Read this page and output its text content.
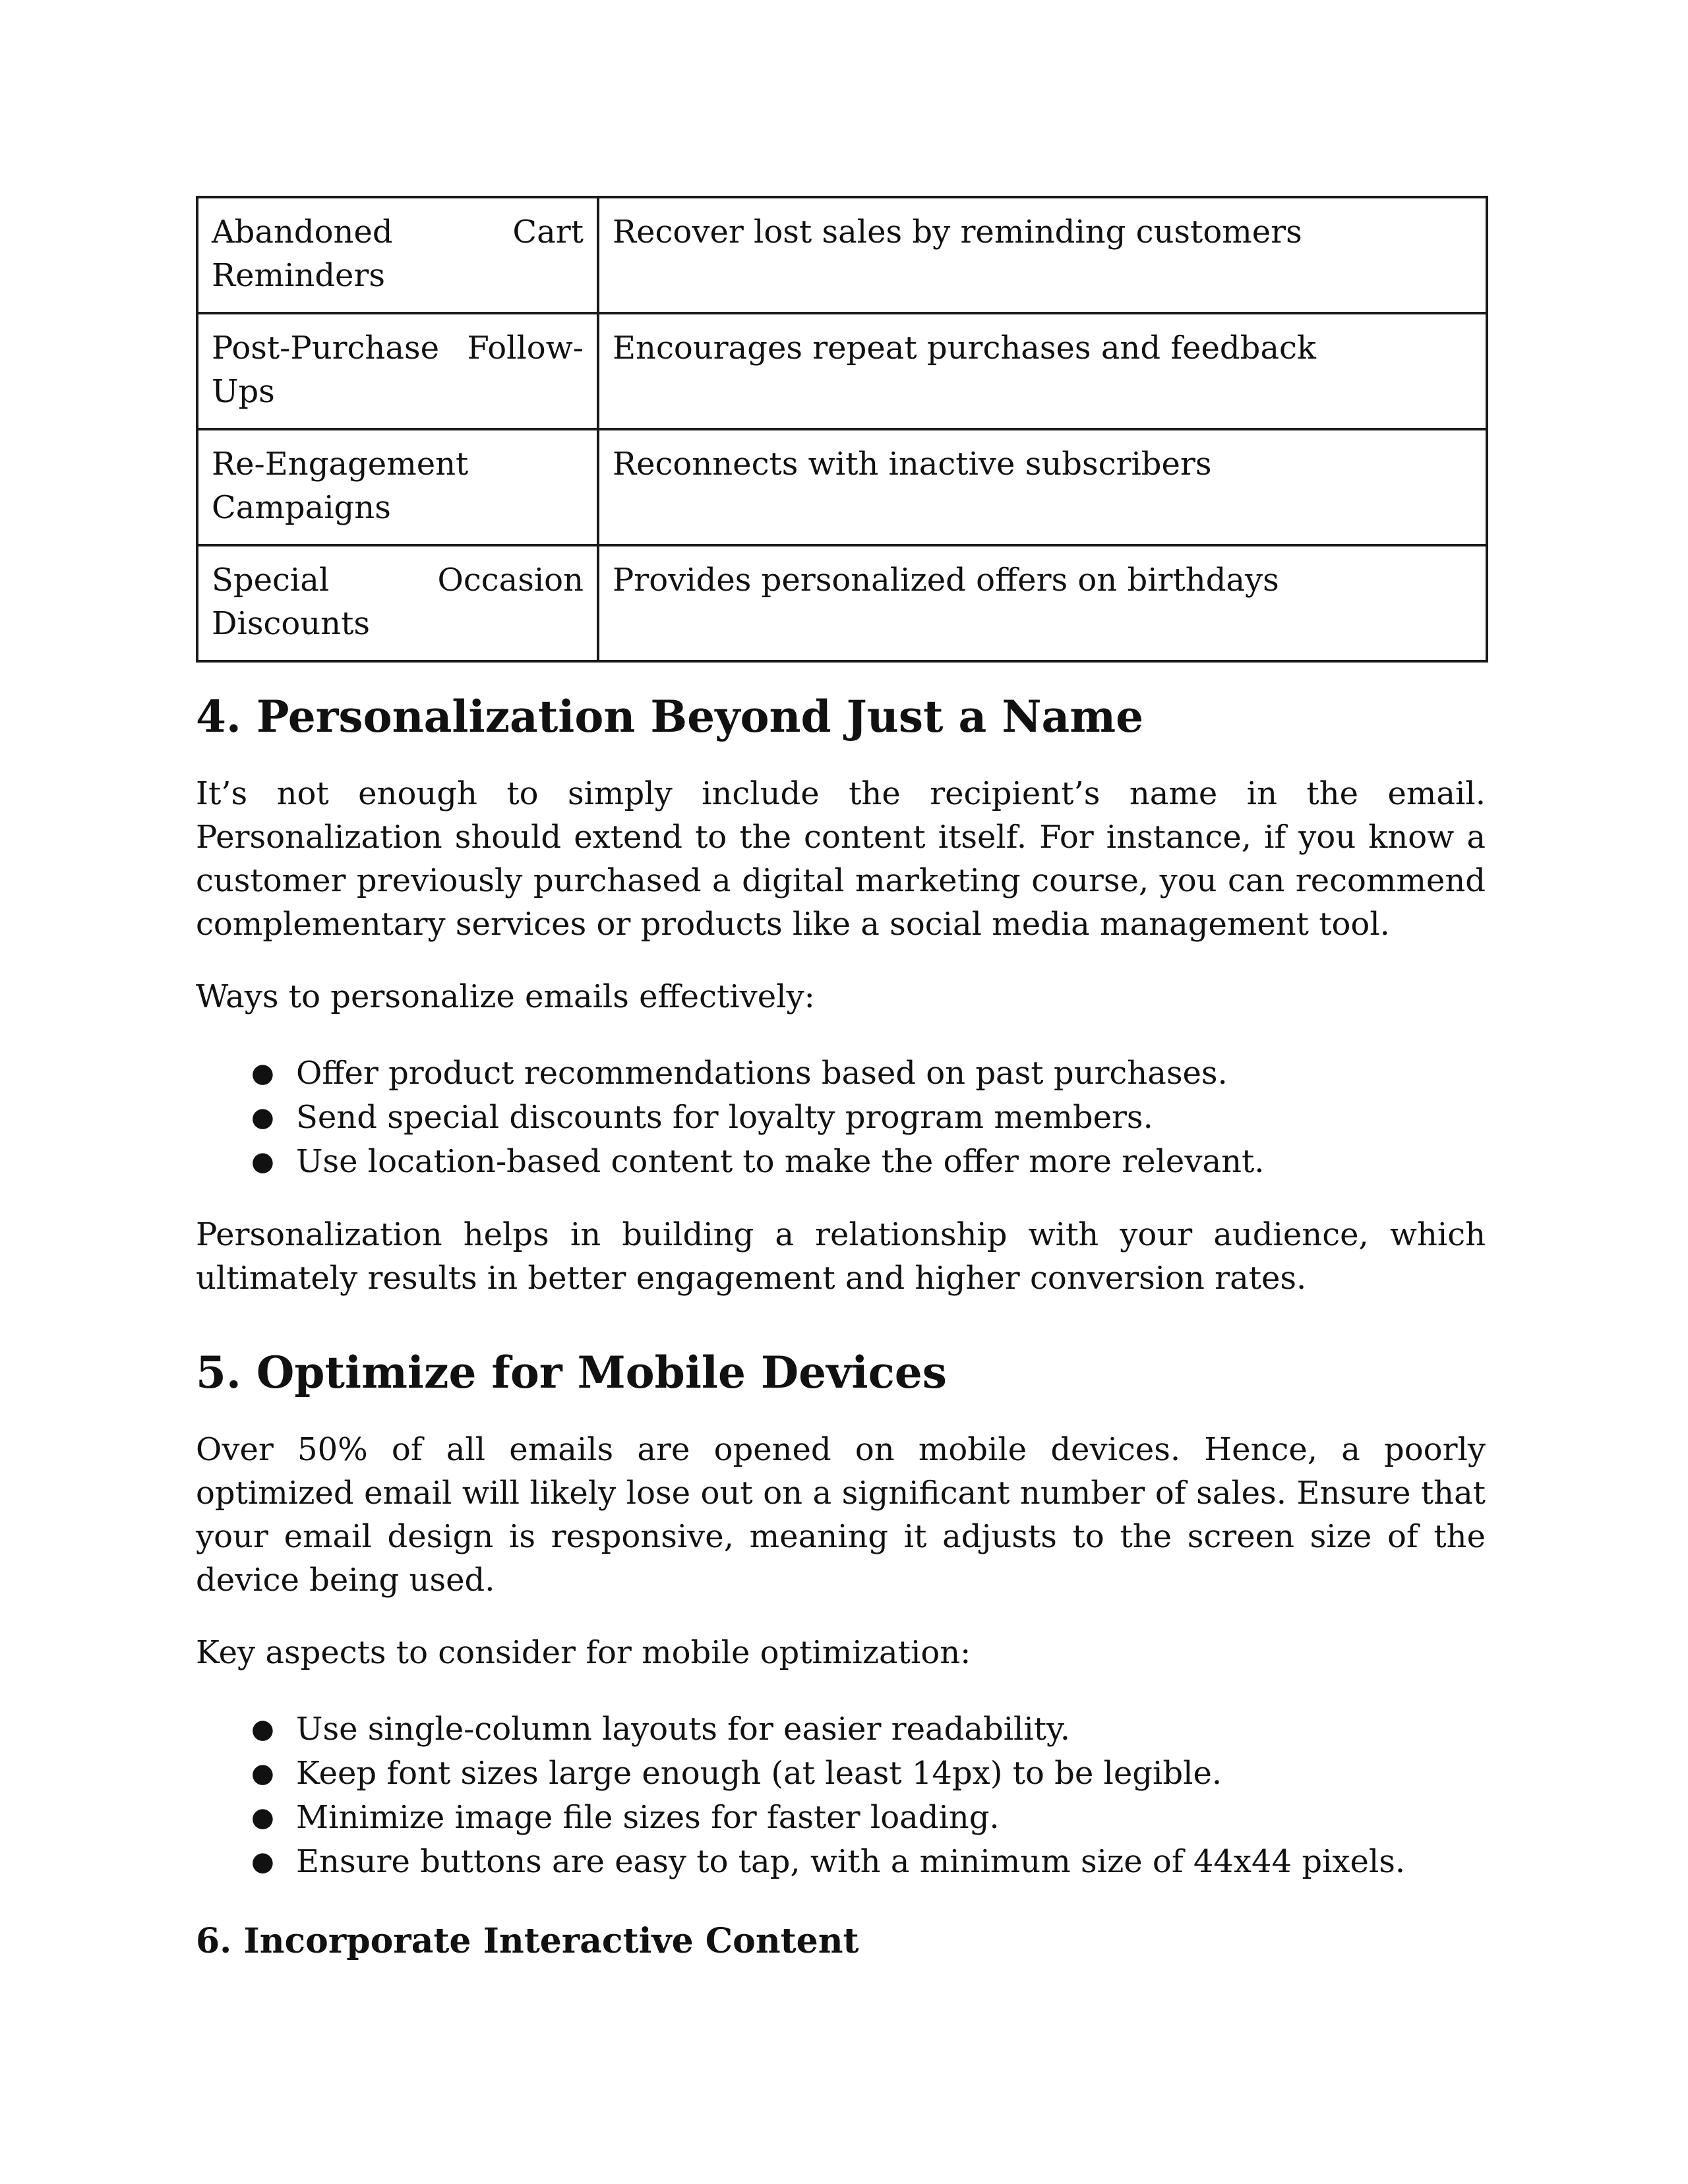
Abandoned Cart Reminders	Recover lost sales by reminding customers
Post-Purchase Follow-Ups	Encourages repeat purchases and feedback
Re-Engagement Campaigns	Reconnects with inactive subscribers
Special Occasion Discounts	Provides personalized offers on birthdays
4. Personalization Beyond Just a Name

It’s not enough to simply include the recipient’s name in the email. Personalization should extend to the content itself. For instance, if you know a customer previously purchased a digital marketing course, you can recommend complementary services or products like a social media management tool.

Ways to personalize emails effectively:

● Offer product recommendations based on past purchases.
● Send special discounts for loyalty program members.
● Use location-based content to make the offer more relevant.

Personalization helps in building a relationship with your audience, which ultimately results in better engagement and higher conversion rates.

5. Optimize for Mobile Devices

Over 50% of all emails are opened on mobile devices. Hence, a poorly optimized email will likely lose out on a significant number of sales. Ensure that your email design is responsive, meaning it adjusts to the screen size of the device being used.

Key aspects to consider for mobile optimization:

● Use single-column layouts for easier readability.
● Keep font sizes large enough (at least 14px) to be legible.
● Minimize image file sizes for faster loading.
● Ensure buttons are easy to tap, with a minimum size of 44x44 pixels.
6. Incorporate Interactive Content
